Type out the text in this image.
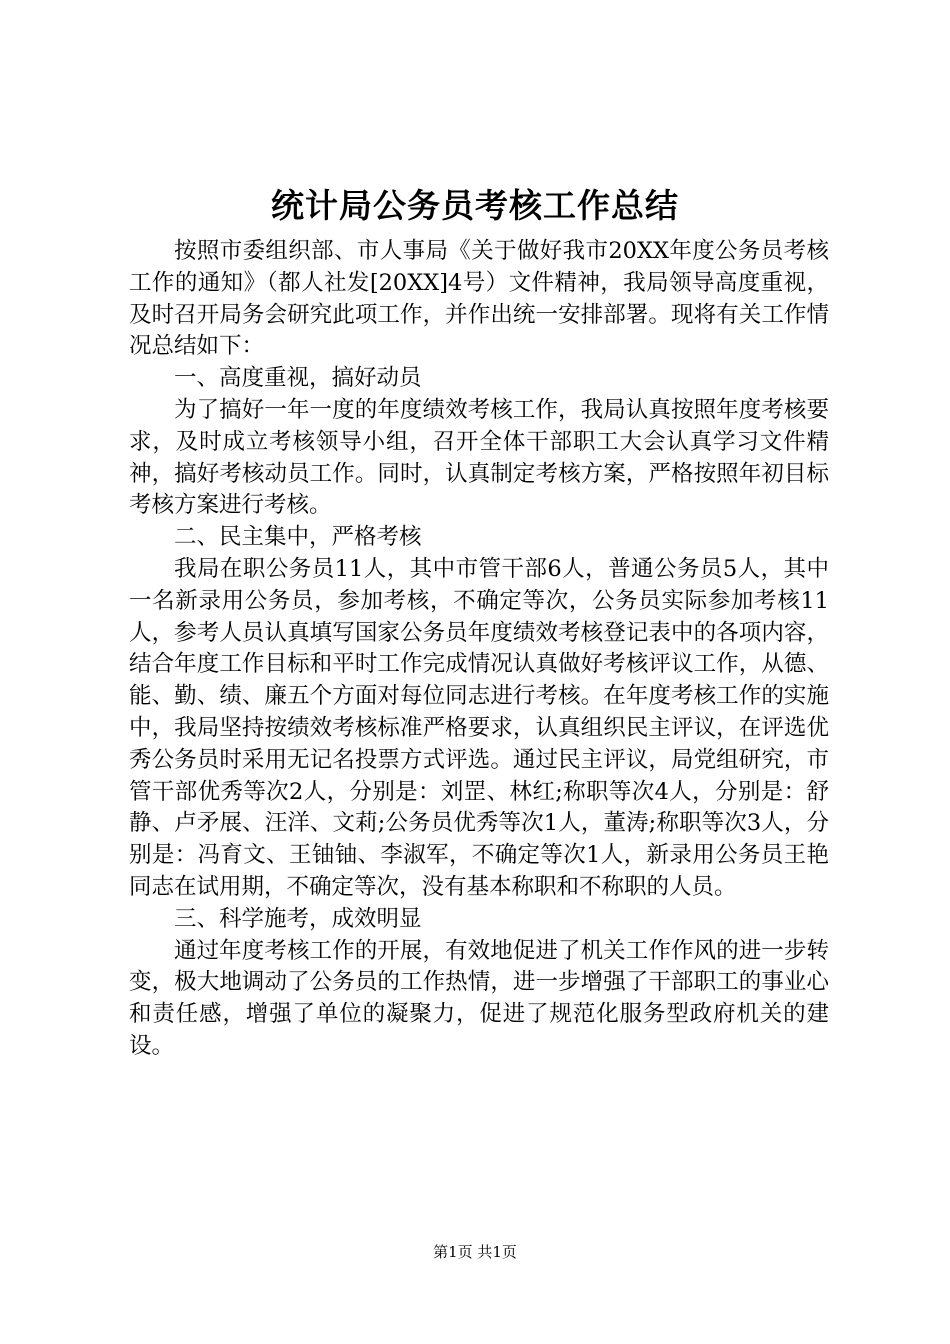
统计局公务员考核工作总结

按照市委组织部、市人事局《关于做好我市20XX年度公务员考核工作的通知》（都人社发[20XX]4号）文件精神，我局领导高度重视，及时召开局务会研究此项工作，并作出统一安排部署。现将有关工作情况总结如下：

一、高度重视，搞好动员

为了搞好一年一度的年度绩效考核工作，我局认真按照年度考核要求，及时成立考核领导小组，召开全体干部职工大会认真学习文件精神，搞好考核动员工作。同时，认真制定考核方案，严格按照年初目标考核方案进行考核。

二、民主集中，严格考核

我局在职公务员11人，其中市管干部6人，普通公务员5人，其中一名新录用公务员，参加考核，不确定等次，公务员实际参加考核11人，参考人员认真填写国家公务员年度绩效考核登记表中的各项内容，结合年度工作目标和平时工作完成情况认真做好考核评议工作，从德、能、勤、绩、廉五个方面对每位同志进行考核。在年度考核工作的实施中，我局坚持按绩效考核标准严格要求，认真组织民主评议，在评选优秀公务员时采用无记名投票方式评选。通过民主评议，局党组研究，市管干部优秀等次2人，分别是：刘罡、林红;称职等次4人，分别是：舒静、卢矛展、汪洋、文莉;公务员优秀等次1人，董涛;称职等次3人，分别是：冯育文、王铀铀、李淑军，不确定等次1人，新录用公务员王艳同志在试用期，不确定等次，没有基本称职和不称职的人员。

三、科学施考，成效明显

通过年度考核工作的开展，有效地促进了机关工作作风的进一步转变，极大地调动了公务员的工作热情，进一步增强了干部职工的事业心和责任感，增强了单位的凝聚力，促进了规范化服务型政府机关的建设。

第1页 共1页
